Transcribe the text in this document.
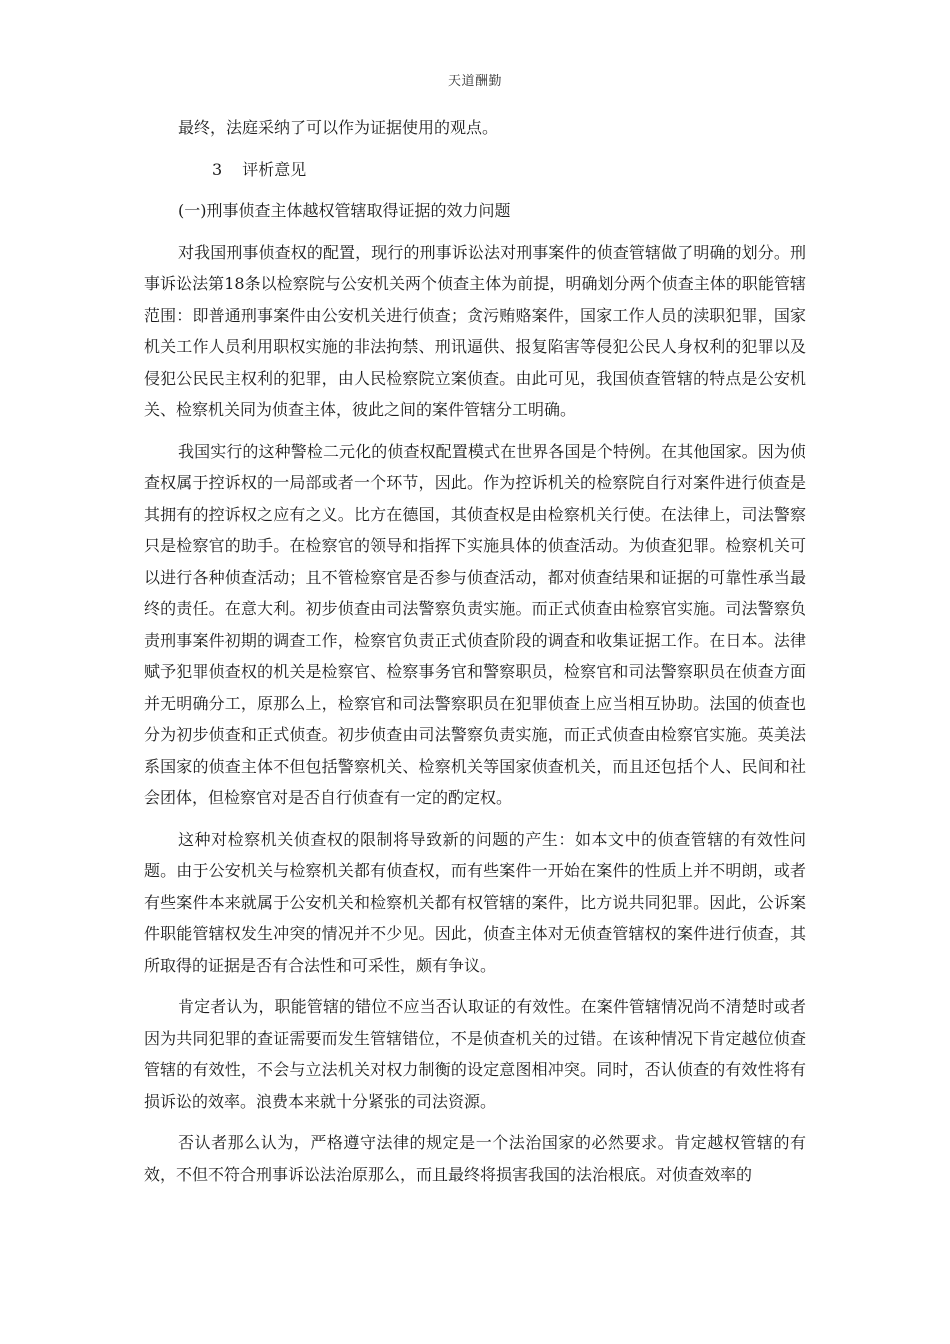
天道酬勤

最终，法庭采纳了可以作为证据使用的观点。

3 评析意见

(一)刑事侦查主体越权管辖取得证据的效力问题

对我国刑事侦查权的配置，现行的刑事诉讼法对刑事案件的侦查管辖做了明确的划分。刑事诉讼法第18条以检察院与公安机关两个侦查主体为前提，明确划分两个侦查主体的职能管辖范围：即普通刑事案件由公安机关进行侦查；贪污贿赂案件，国家工作人员的渎职犯罪，国家机关工作人员利用职权实施的非法拘禁、刑讯逼供、报复陷害等侵犯公民人身权利的犯罪以及侵犯公民民主权利的犯罪，由人民检察院立案侦查。由此可见，我国侦查管辖的特点是公安机关、检察机关同为侦查主体，彼此之间的案件管辖分工明确。

我国实行的这种警检二元化的侦查权配置模式在世界各国是个特例。在其他国家。因为侦查权属于控诉权的一局部或者一个环节，因此。作为控诉机关的检察院自行对案件进行侦查是其拥有的控诉权之应有之义。比方在德国，其侦查权是由检察机关行使。在法律上，司法警察只是检察官的助手。在检察官的领导和指挥下实施具体的侦查活动。为侦查犯罪。检察机关可以进行各种侦查活动；且不管检察官是否参与侦查活动，都对侦查结果和证据的可靠性承当最终的责任。在意大利。初步侦查由司法警察负责实施。而正式侦查由检察官实施。司法警察负责刑事案件初期的调查工作，检察官负责正式侦查阶段的调查和收集证据工作。在日本。法律赋予犯罪侦查权的机关是检察官、检察事务官和警察职员，检察官和司法警察职员在侦查方面并无明确分工，原那么上，检察官和司法警察职员在犯罪侦查上应当相互协助。法国的侦查也分为初步侦查和正式侦查。初步侦查由司法警察负责实施，而正式侦查由检察官实施。英美法系国家的侦查主体不但包括警察机关、检察机关等国家侦查机关，而且还包括个人、民间和社会团体，但检察官对是否自行侦查有一定的酌定权。

这种对检察机关侦查权的限制将导致新的问题的产生：如本文中的侦查管辖的有效性问题。由于公安机关与检察机关都有侦查权，而有些案件一开始在案件的性质上并不明朗，或者有些案件本来就属于公安机关和检察机关都有权管辖的案件，比方说共同犯罪。因此，公诉案件职能管辖权发生冲突的情况并不少见。因此，侦查主体对无侦查管辖权的案件进行侦查，其所取得的证据是否有合法性和可采性，颇有争议。

肯定者认为，职能管辖的错位不应当否认取证的有效性。在案件管辖情况尚不清楚时或者因为共同犯罪的查证需要而发生管辖错位，不是侦查机关的过错。在该种情况下肯定越位侦查管辖的有效性，不会与立法机关对权力制衡的设定意图相冲突。同时，否认侦查的有效性将有损诉讼的效率。浪费本来就十分紧张的司法资源。

否认者那么认为，严格遵守法律的规定是一个法治国家的必然要求。肯定越权管辖的有效，不但不符合刑事诉讼法治原那么，而且最终将损害我国的法治根底。对侦查效率的
